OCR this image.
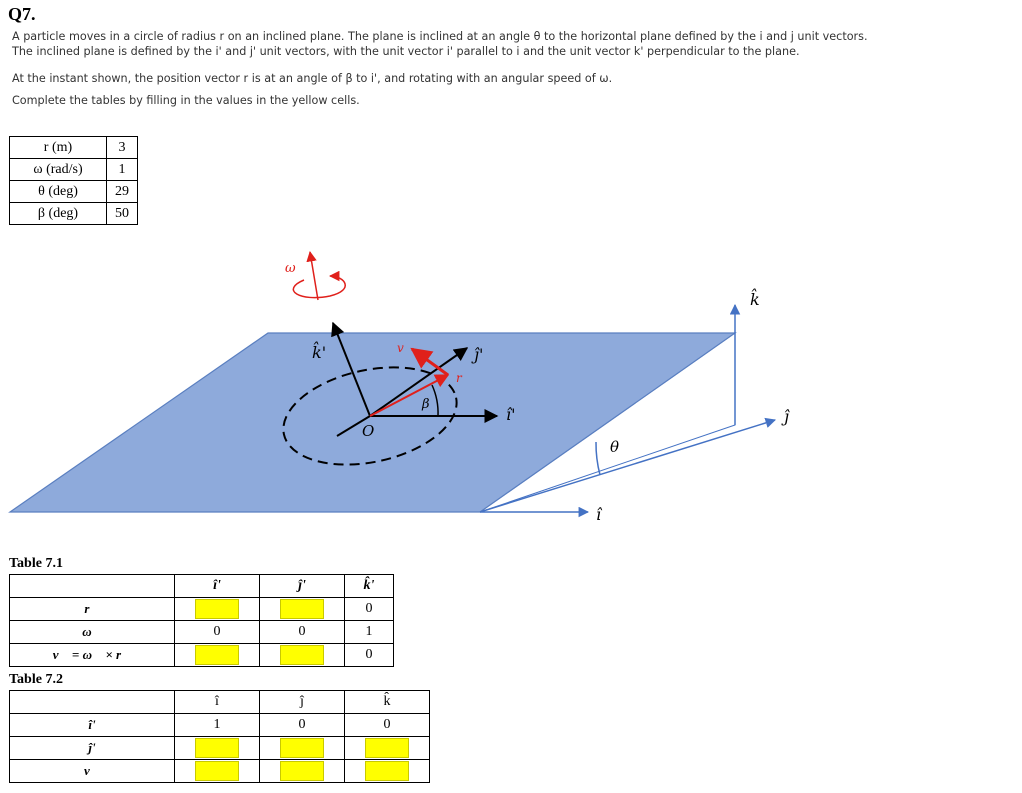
Q7.
A particle moves in a circle of radius r on an inclined plane. The plane is inclined at an angle θ to the horizontal plane defined by the i and j unit vectors.
The inclined plane is defined by the i' and j' unit vectors, with the unit vector i' parallel to i and the unit vector k' perpendicular to the plane.
At the instant shown, the position vector r is at an angle of β to i', and rotating with an angular speed of ω.
Complete the tables by filling in the values in the yellow cells.
r (m)	3
ω (rad/s)	1
θ (deg)	29
β (deg)	50
ω
k̂'	v	ĵ'
r
β
î'
O
θ
k̂
ĵ
î
Table 7.1
	î'	ĵ'	k̂'
r⃗			0
ω⃗	0	0	1
v⃗ = ω⃗ × r⃗			0
Table 7.2
	î	ĵ	k̂
î'	1	0	0
ĵ'			
v⃗			
